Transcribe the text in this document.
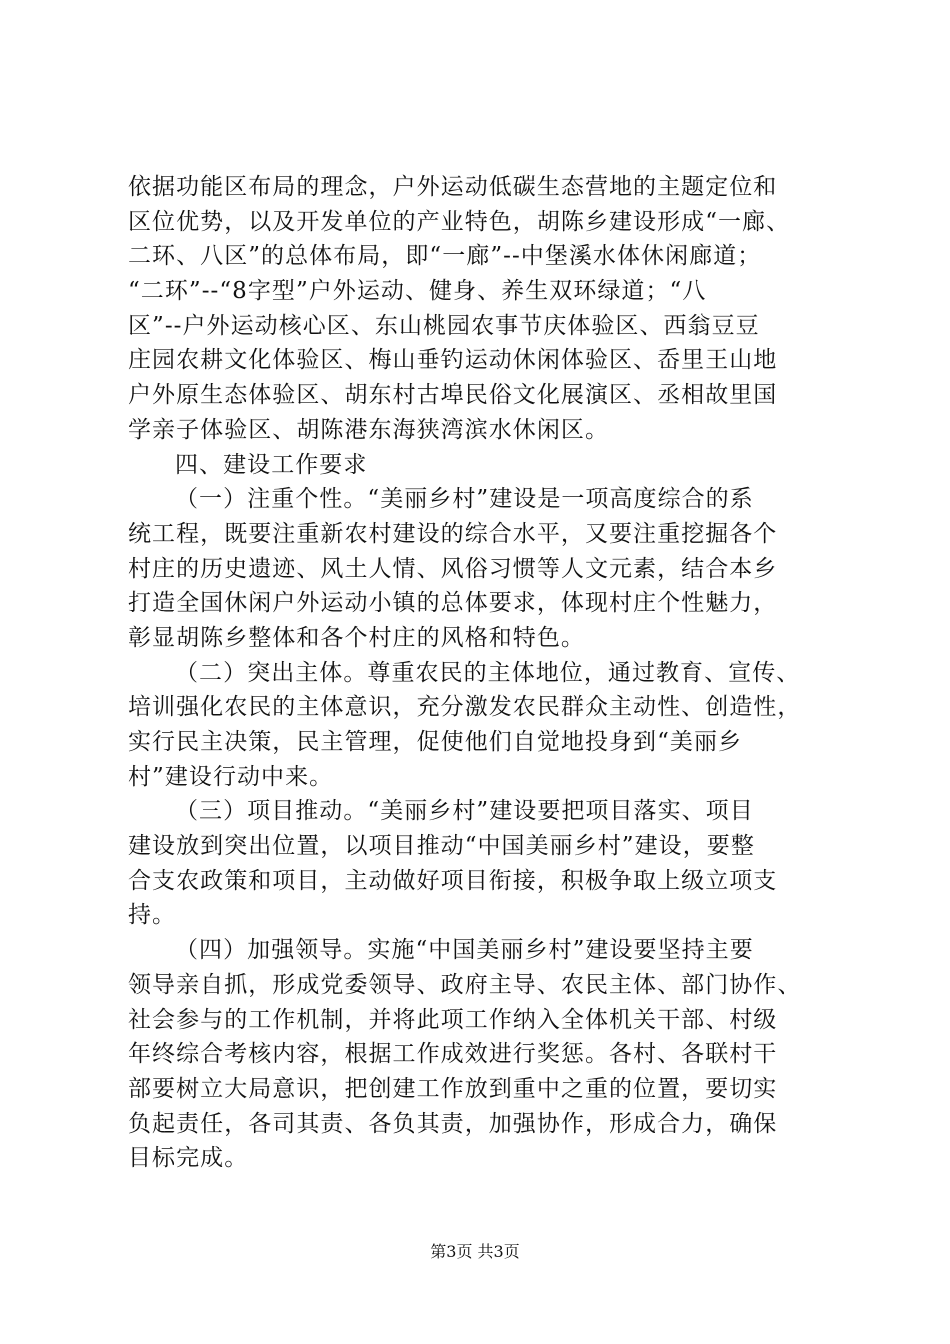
依据功能区布局的理念，户外运动低碳生态营地的主题定位和
区位优势，以及开发单位的产业特色，胡陈乡建设形成“一廊、
二环、八区”的总体布局，即“一廊”--中堡溪水体休闲廊道；
“二环”--“8字型”户外运动、健身、养生双环绿道；“八
区”--户外运动核心区、东山桃园农事节庆体验区、西翁豆豆
庄园农耕文化体验区、梅山垂钓运动休闲体验区、岙里王山地
户外原生态体验区、胡东村古埠民俗文化展演区、丞相故里国
学亲子体验区、胡陈港东海狭湾滨水休闲区。
四、建设工作要求
（一）注重个性。“美丽乡村”建设是一项高度综合的系
统工程，既要注重新农村建设的综合水平，又要注重挖掘各个
村庄的历史遗迹、风土人情、风俗习惯等人文元素，结合本乡
打造全国休闲户外运动小镇的总体要求，体现村庄个性魅力，
彰显胡陈乡整体和各个村庄的风格和特色。
（二）突出主体。尊重农民的主体地位，通过教育、宣传、
培训强化农民的主体意识，充分激发农民群众主动性、创造性，
实行民主决策，民主管理，促使他们自觉地投身到“美丽乡
村”建设行动中来。
（三）项目推动。“美丽乡村”建设要把项目落实、项目
建设放到突出位置，以项目推动“中国美丽乡村”建设，要整
合支农政策和项目，主动做好项目衔接，积极争取上级立项支
持。
（四）加强领导。实施“中国美丽乡村”建设要坚持主要
领导亲自抓，形成党委领导、政府主导、农民主体、部门协作、
社会参与的工作机制，并将此项工作纳入全体机关干部、村级
年终综合考核内容，根据工作成效进行奖惩。各村、各联村干
部要树立大局意识，把创建工作放到重中之重的位置，要切实
负起责任，各司其责、各负其责，加强协作，形成合力，确保
目标完成。
第3页 共3页
